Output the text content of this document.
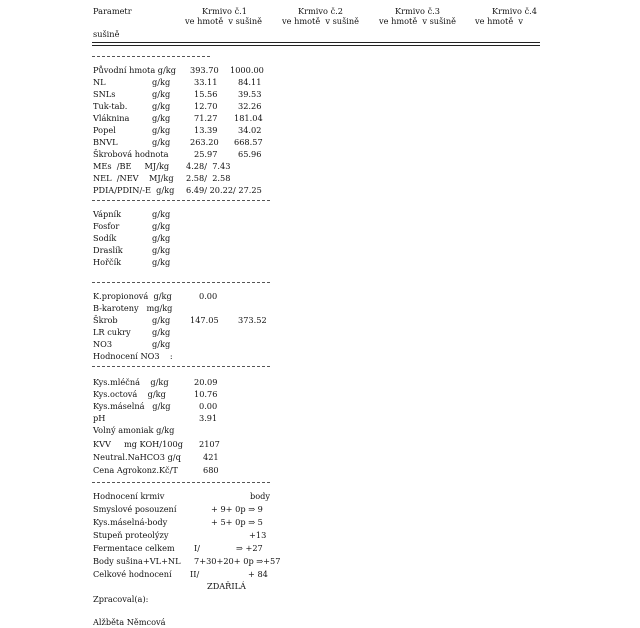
Parametr	Krmivo č.1	Krmivo č.2	Krmivo č.3	Krmivo č.4
ve hmotě  v sušině ve hmotě  v sušině ve hmotě  v sušině ve hmotě  v
sušině
Původní hmota g/kg 393.70 1000.00
NL	g/kg	33.11	84.11
SNLs	g/kg	15.56	39.53
Tuk-tab.	g/kg	12.70	32.26
Vláknina	g/kg	71.27 181.04
Popel	g/kg	13.39	34.02
BNVL	g/kg 263.20 668.57
Škrobová hodnota	25.97	65.96
MEs  /BE     MJ/kg 4.28/  7.43
NEL  /NEV    MJ/kg 2.58/  2.58
PDIA/PDIN/-E  g/kg 6.49/ 20.22/ 27.25
Vápník	g/kg
Fosfor	g/kg
Sodík	g/kg
Draslík	g/kg
Hořčík	g/kg
K.propionová  g/kg	0.00
B-karoteny   mg/kg
Škrob	g/kg 147.05 373.52
LR cukry	g/kg
NO3	g/kg
Hodnocení NO3    :
Kys.mléčná    g/kg	20.09
Kys.octová    g/kg	10.76
Kys.máselná   g/kg	0.00
pH	3.91
Volný amoniak g/kg
KVV     mg KOH/100g 2107
Neutral.NaHCO3 g/q	421
Cena Agrokonz.Kč/T	680
Hodnocení krmiv	body
Smyslové posouzení	+ 9+ 0p ⇒ 9
Kys.máselná-body	+ 5+ 0p ⇒ 5
Stupeň proteolýzy	+13
Fermentace celkem I/	⇒ +27
Body sušina+VL+NL 7+30+20+ 0p ⇒+57
Celkové hodnocení II/	+ 84
ZDAŘILÁ
Zpracoval(a):
Alžběta Němcová
